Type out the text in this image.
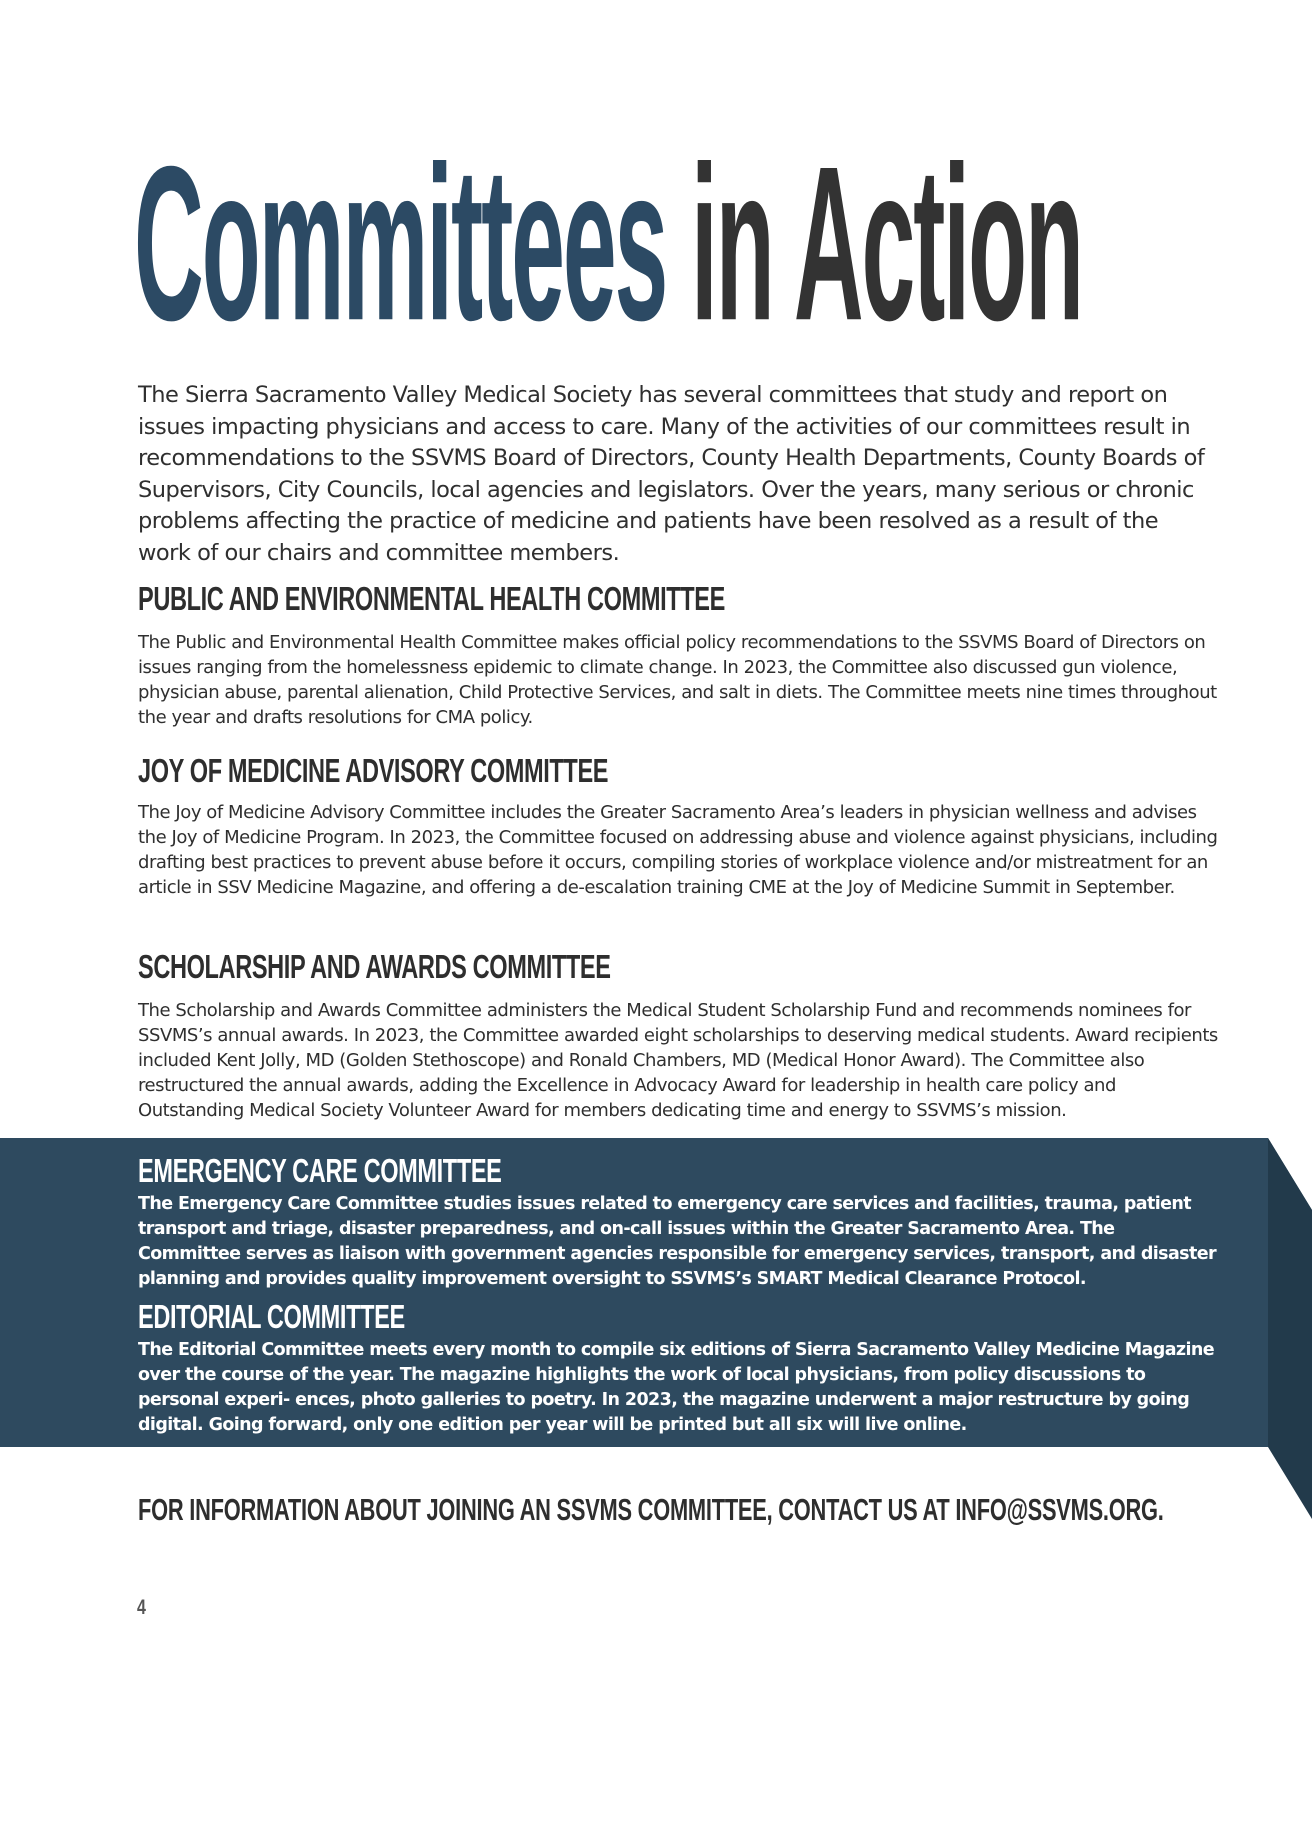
Committees in Action

The Sierra Sacramento Valley Medical Society has several committees that study and report on issues impacting physicians and access to care. Many of the activities of our committees result in recommendations to the SSVMS Board of Directors, County Health Departments, County Boards of Supervisors, City Councils, local agencies and legislators. Over the years, many serious or chronic problems affecting the practice of medicine and patients have been resolved as a result of the work of our chairs and committee members.

PUBLIC AND ENVIRONMENTAL HEALTH COMMITTEE

The Public and Environmental Health Committee makes official policy recommendations to the SSVMS Board of Directors on issues ranging from the homelessness epidemic to climate change. In 2023, the Committee also discussed gun violence, physician abuse, parental alienation, Child Protective Services, and salt in diets. The Committee meets nine times throughout the year and drafts resolutions for CMA policy.

JOY OF MEDICINE ADVISORY COMMITTEE

The Joy of Medicine Advisory Committee includes the Greater Sacramento Area’s leaders in physician wellness and advises the Joy of Medicine Program. In 2023, the Committee focused on addressing abuse and violence against physicians, including drafting best practices to prevent abuse before it occurs, compiling stories of workplace violence and/or mistreatment for an article in SSV Medicine Magazine, and offering a de-escalation training CME at the Joy of Medicine Summit in September.

SCHOLARSHIP AND AWARDS COMMITTEE

The Scholarship and Awards Committee administers the Medical Student Scholarship Fund and recommends nominees for SSVMS’s annual awards. In 2023, the Committee awarded eight scholarships to deserving medical students. Award recipients included Kent Jolly, MD (Golden Stethoscope) and Ronald Chambers, MD (Medical Honor Award). The Committee also restructured the annual awards, adding the Excellence in Advocacy Award for leadership in health care policy and Outstanding Medical Society Volunteer Award for members dedicating time and energy to SSVMS’s mission.

EMERGENCY CARE COMMITTEE

The Emergency Care Committee studies issues related to emergency care services and facilities, trauma, patient transport and triage, disaster preparedness, and on-call issues within the Greater Sacramento Area. The Committee serves as liaison with government agencies responsible for emergency services, transport, and disaster planning and provides quality improvement oversight to SSVMS’s SMART Medical Clearance Protocol.

EDITORIAL COMMITTEE

The Editorial Committee meets every month to compile six editions of Sierra Sacramento Valley Medicine Magazine over the course of the year. The magazine highlights the work of local physicians, from policy discussions to personal experi- ences, photo galleries to poetry. In 2023, the magazine underwent a major restructure by going digital. Going forward, only one edition per year will be printed but all six will live online.

FOR INFORMATION ABOUT JOINING AN SSVMS COMMITTEE, CONTACT US AT INFO@SSVMS.ORG.
4
